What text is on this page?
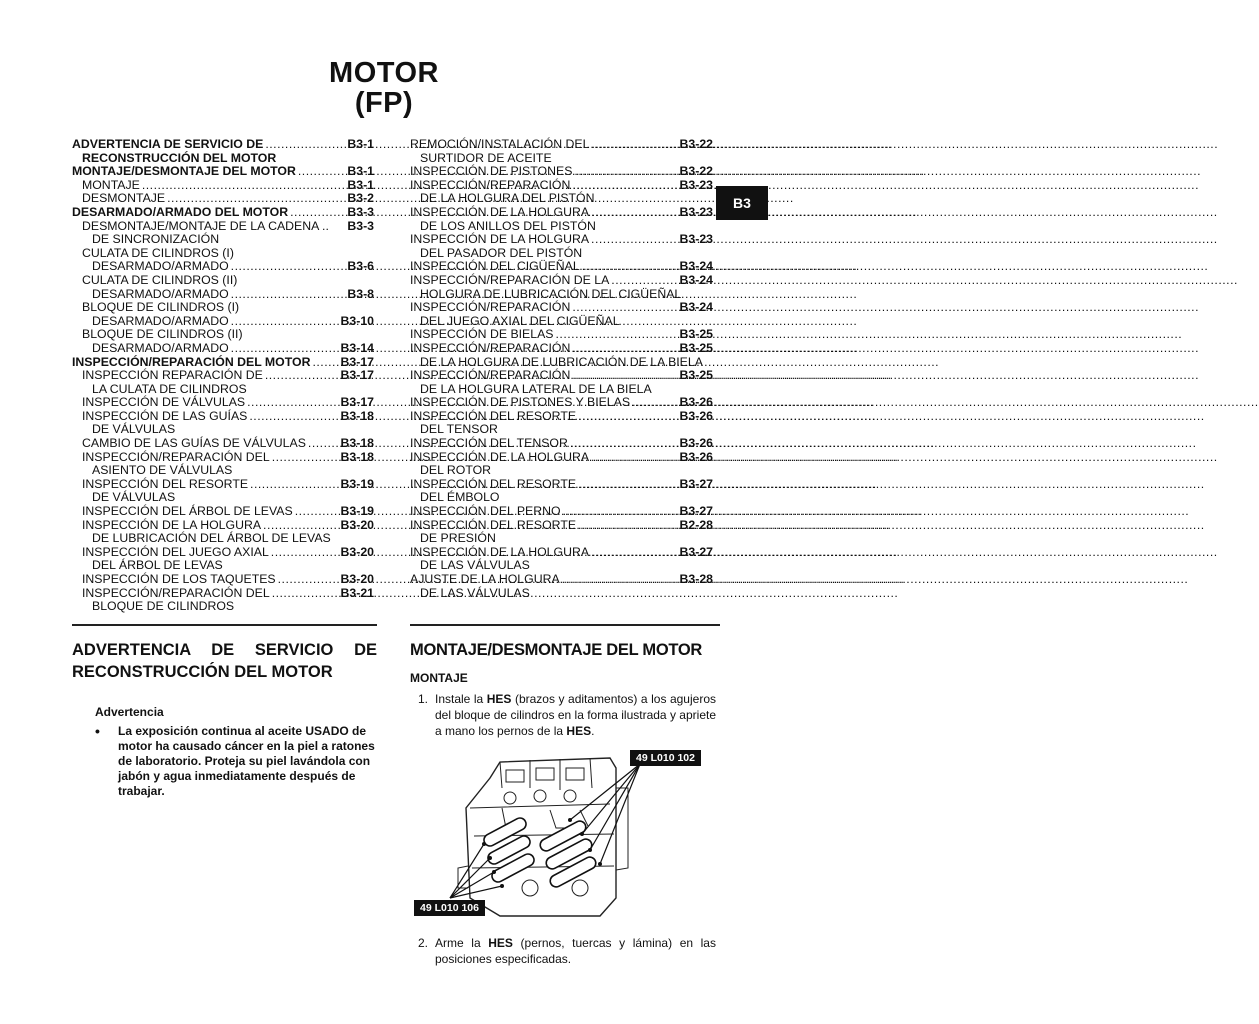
MOTOR
(FP)
ADVERTENCIA DE SERVICIO DE .....	B3-1
RECONSTRUCCIÓN DEL MOTOR
MONTAJE/DESMONTAJE DEL MOTOR .....	B3-1
MONTAJE .....	B3-1
DESMONTAJE .....	B3-2
DESARMADO/ARMADO DEL MOTOR .....	B3-3
DESMONTAJE/MONTAJE DE LA CADENA ..	B3-3
DE SINCRONIZACIÓN
CULATA DE CILINDROS (I)
DESARMADO/ARMADO .....	B3-6
CULATA DE CILINDROS (II)
DESARMADO/ARMADO .....	B3-8
BLOQUE DE CILINDROS (I)
DESARMADO/ARMADO .....	B3-10
BLOQUE DE CILINDROS (II)
DESARMADO/ARMADO .....	B3-14
INSPECCIÓN/REPARACIÓN DEL MOTOR ..... B3-17
INSPECCIÓN REPARACIÓN DE .....	B3-17
LA CULATA DE CILINDROS
INSPECCIÓN DE VÁLVULAS .....	B3-17
INSPECCIÓN DE LAS GUÍAS .....	B3-18
DE VÁLVULAS
CAMBIO DE LAS GUÍAS DE VÁLVULAS .....	B3-18
INSPECCIÓN/REPARACIÓN DEL .....	B3-18
ASIENTO DE VÁLVULAS
INSPECCIÓN DEL RESORTE .....	B3-19
DE VÁLVULAS
INSPECCIÓN DEL ÁRBOL DE LEVAS .....	B3-19
INSPECCIÓN DE LA HOLGURA .....	B3-20
DE LUBRICACIÓN DEL ÁRBOL DE LEVAS
INSPECCIÓN DEL JUEGO AXIAL .....	B3-20
DEL ÁRBOL DE LEVAS
INSPECCIÓN DE LOS TAQUETES .....	B3-20
INSPECCIÓN/REPARACIÓN DEL .....	B3-21
BLOQUE DE CILINDROS
REMOCIÓN/INSTALACIÓN DEL .....	B3-22
SURTIDOR DE ACEITE
INSPECCIÓN DE PISTONES .....	B3-22
INSPECCIÓN/REPARACIÓN .....	B3-23
DE LA HOLGURA DEL PISTÓN
INSPECCIÓN DE LA HOLGURA .....	B3-23
DE LOS ANILLOS DEL PISTÓN
INSPECCIÓN DE LA HOLGURA .....	B3-23
DEL PASADOR DEL PISTÓN
INSPECCIÓN DEL CIGÜEÑAL .....	B3-24
INSPECCIÓN/REPARACIÓN DE LA .....	B3-24
HOLGURA DE LUBRICACIÓN DEL CIGÜEÑAL
INSPECCIÓN/REPARACIÓN .....	B3-24
DEL JUEGO AXIAL DEL CIGÜEÑAL
INSPECCIÓN DE BIELAS .....	B3-25
INSPECCIÓN/REPARACIÓN .....	B3-25
DE LA HOLGURA DE LUBRICACIÓN DE LA BIELA
INSPECCIÓN/REPARACIÓN .....	B3-25
DE LA HOLGURA LATERAL DE LA BIELA
INSPECCIÓN DE PISTONES Y BIELAS .....	B3-26
INSPECCIÓN DEL RESORTE .....	B3-26
DEL TENSOR
INSPECCIÓN DEL TENSOR .....	B3-26
INSPECCIÓN DE LA HOLGURA .....	B3-26
DEL ROTOR
INSPECCIÓN DEL RESORTE .....	B3-27
DEL ÉMBOLO
INSPECCIÓN DEL PERNO .....	B3-27
INSPECCIÓN DEL RESORTE .....	B2-28
DE PRESIÓN
INSPECCIÓN DE LA HOLGURA .....	B3-27
DE LAS VÁLVULAS
AJUSTE DE LA HOLGURA .....	B3-28
DE LAS VÁLVULAS
B3
ADVERTENCIA DE SERVICIO DE RECONSTRUCCIÓN DEL MOTOR
Advertencia
• La exposición continua al aceite USADO de motor ha causado cáncer en la piel a ratones de laboratorio. Proteja su piel lavándola con jabón y agua inmediatamente después de trabajar.
MONTAJE/DESMONTAJE DEL MOTOR
MONTAJE
1. Instale la HES (brazos y aditamentos) a los agujeros del bloque de cilindros en la forma ilustrada y apriete a mano los pernos de la HES.
49 L010 102
49 L010 106
2. Arme la HES (pernos, tuercas y lámina) en las posiciones especificadas.
